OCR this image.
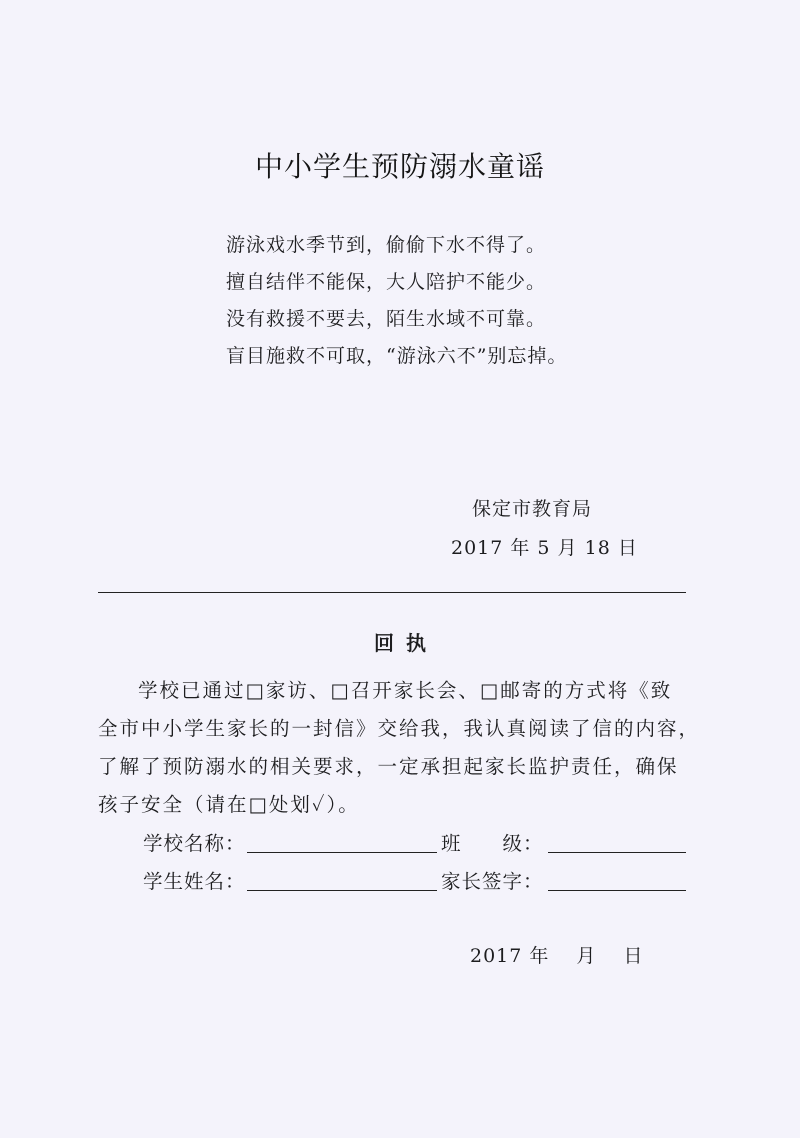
中小学生预防溺水童谣
游泳戏水季节到，偷偷下水不得了。
擅自结伴不能保，大人陪护不能少。
没有救援不要去，陌生水域不可靠。
盲目施救不可取，“游泳六不”别忘掉。
保定市教育局
2017 年 5 月 18 日
回执
学校已通过□家访、□召开家长会、□邮寄的方式将《致
全市中小学生家长的一封信》交给我，我认真阅读了信的内容，
了解了预防溺水的相关要求，一定承担起家长监护责任，确保
孩子安全（请在□处划✓）。
学校名称：	班　　级：
学生姓名：	家长签字：
2017 年　 月　 日
